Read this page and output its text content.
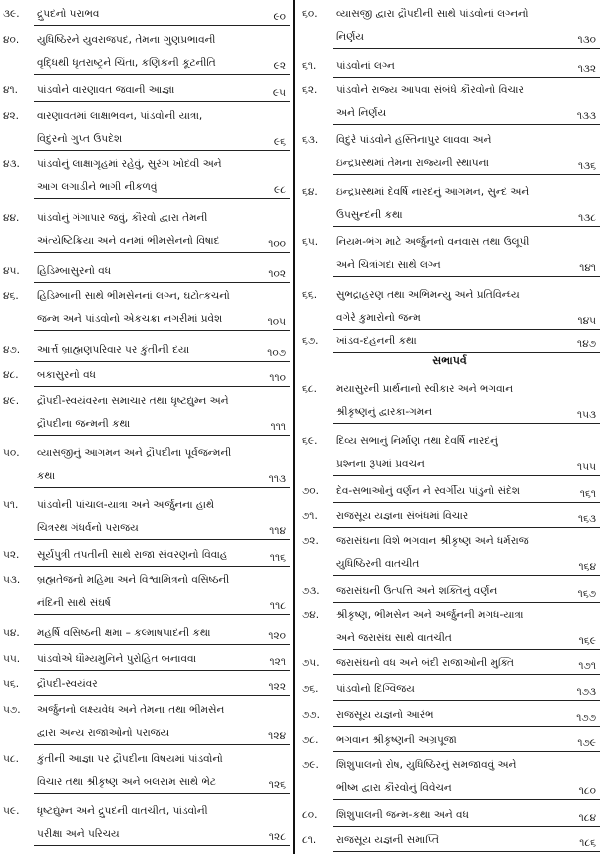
૩૯.	દ્રુપદનો પરાભવ	૯૦
૪૦.	યુધિષ્ઠિરને યુવરાજપદ, તેમના ગુણપ્રભાવની
વૃદ્ધિથી ધૃતરાષ્ટ્રને ચિંતા, કણિકની કૂટનીતિ	૯૨
૪૧.	પાંડવોને વારણાવત જવાની આજ્ઞા	૯૫
૪૨.	વારણાવતમાં લાક્ષાભવન, પાંડવોની યાત્રા,
વિદુરનો ગુપ્ત ઉપદેશ	૯૬
૪૩.	પાંડવોનું લાક્ષાગૃહમાં રહેવું, સુરંગ ખોદવી અને
આગ લગાડીને ભાગી નીકળવું	૯૮
૪૪.	પાંડવોનું ગંગાપાર જવું, કૌરવો દ્વારા તેમની
અંત્યેષ્ટિક્રિયા અને વનમાં ભીમસેનનો વિષાદ	૧૦૦
૪૫.	હિડિમ્બાસુરનો વધ	૧૦૨
૪૬.	હિડિમ્બાની સાથે ભીમસેનનાં લગ્ન, ઘટોત્કચનો
જન્મ અને પાંડવોનો એકચક્રા નગરીમાં પ્રવેશ	૧૦૫
૪૭.	આર્ત્ત બ્રાહ્મણપરિવાર પર કુંતીની દયા	૧૦૭
૪૮.	બકાસુરનો વધ	૧૧૦
૪૯.	દ્રૌપદી-સ્વયંવરના સમાચાર તથા ધૃષ્ટદ્યુમ્ન અને
દ્રૌપદીના જન્મની કથા	૧૧૧
૫૦.	વ્યાસજીનું આગમન અને દ્રૌપદીના પૂર્વજન્મની
કથા	૧૧૩
૫૧.	પાંડવોની પાંચાલ-યાત્રા અને અર્જુનના હાથે
ચિત્રરથ ગંધર્વનો પરાજય	૧૧૪
૫૨.	સૂર્યપુત્રી તપતીની સાથે રાજા સંવરણનો વિવાહ	૧૧૬
૫૩.	બ્રહ્મતેજનો મહિમા અને વિશ્વામિત્રનો વસિષ્ઠની
નંદિની સાથે સંઘર્ષ	૧૧૮
૫૪.	મહર્ષિ વસિષ્ઠની ક્ષમા – કલ્માષપાદની કથા	૧૨૦
૫૫.	પાંડવોએ ધૌમ્યમુનિને પુરોહિત બનાવવા	૧૨૧
૫૬.	દ્રૌપદી-સ્વયંવર	૧૨૨
૫૭.	અર્જુનનો લક્ષ્યવેધ અને તેમના તથા ભીમસેન
દ્વારા અન્ય રાજાઓનો પરાજય	૧૨૪
૫૮.	કુંતીની આજ્ઞા પર દ્રૌપદીના વિષયમાં પાંડવોનો
વિચાર તથા શ્રીકૃષ્ણ અને બલરામ સાથે ભેટ	૧૨૬
૫૯.	ધૃષ્ટદ્યુમ્ન અને દ્રુપદની વાતચીત, પાંડવોની
પરીક્ષા અને પરિચય	૧૨૮
સભાપર્વ
૬૦.	વ્યાસજી દ્વારા દ્રૌપદીની સાથે પાંડવોનાં લગ્નનો
નિર્ણય	૧૩૦
૬૧.	પાંડવોનાં લગ્ન	૧૩૨
૬૨.	પાંડવોને રાજ્ય આપવા સંબંધે કૌરવોનો વિચાર
અને નિર્ણય	૧૩૩
૬૩.	વિદુરે પાંડવોને હસ્તિનાપુર લાવવા અને
ઇન્દ્રપ્રસ્થમાં તેમના રાજ્યની સ્થાપના	૧૩૬
૬૪.	ઇન્દ્રપ્રસ્થમાં દેવર્ષિ નારદનું આગમન, સુન્દ અને
ઉપસુન્દની કથા	૧૩૮
૬૫.	નિયમ-ભંગ માટે અર્જુનનો વનવાસ તથા ઉલૂપી
અને ચિત્રાંગદા સાથે લગ્ન	૧૪૧
૬૬.	સુભદ્રાહરણ તથા અભિમન્યુ અને પ્રતિવિન્ધ્ય
વગેરે કુમારોનો જન્મ	૧૪૫
૬૭.	ખાંડવ-દહનની કથા	૧૪૭
૬૮.	મયાસુરની પ્રાર્થનાનો સ્વીકાર અને ભગવાન
શ્રીકૃષ્ણનું દ્વારકા-ગમન	૧૫૩
૬૯.	દિવ્ય સભાનું નિર્માણ તથા દેવર્ષિ નારદનું
પ્રશ્નના રૂપમાં પ્રવચન	૧૫૫
૭૦.	દેવ-સભાઓનું વર્ણન ને સ્વર્ગીય પાંડુનો સંદેશ	૧૬૧
૭૧.	રાજસૂય યજ્ઞના સંબંધમાં વિચાર	૧૬૩
૭૨.	જરાસંઘના વિશે ભગવાન શ્રીકૃષ્ણ અને ધર્મરાજ
યુધિષ્ઠિરની વાતચીત	૧૬૪
૭૩.	જરાસંઘની ઉત્પત્તિ અને શક્તિનું વર્ણન	૧૬૭
૭૪.	શ્રીકૃષ્ણ, ભીમસેન અને અર્જુનની મગધ-યાત્રા
અને જરાસંઘ સાથે વાતચીત	૧૬૯
૭૫.	જરાસંઘનો વધ અને બંદી રાજાઓની મુક્તિ	૧૭૧
૭૬.	પાંડવોનો દિગ્વિજય	૧૭૩
૭૭.	રાજસૂય યજ્ઞનો આરંભ	૧૭૭
૭૮.	ભગવાન શ્રીકૃષ્ણની અગ્રપૂજા	૧૭૯
૭૯.	શિશુપાલનો રોષ, યુધિષ્ઠિરનું સમજાવવું અને
ભીષ્મ દ્વારા કૌરવોનું વિવેચન	૧૮૦
૮૦.	શિશુપાલની જન્મ-કથા અને વધ	૧૮૪
૮૧.	રાજસૂય યજ્ઞની સમાપ્તિ	૧૮૬
